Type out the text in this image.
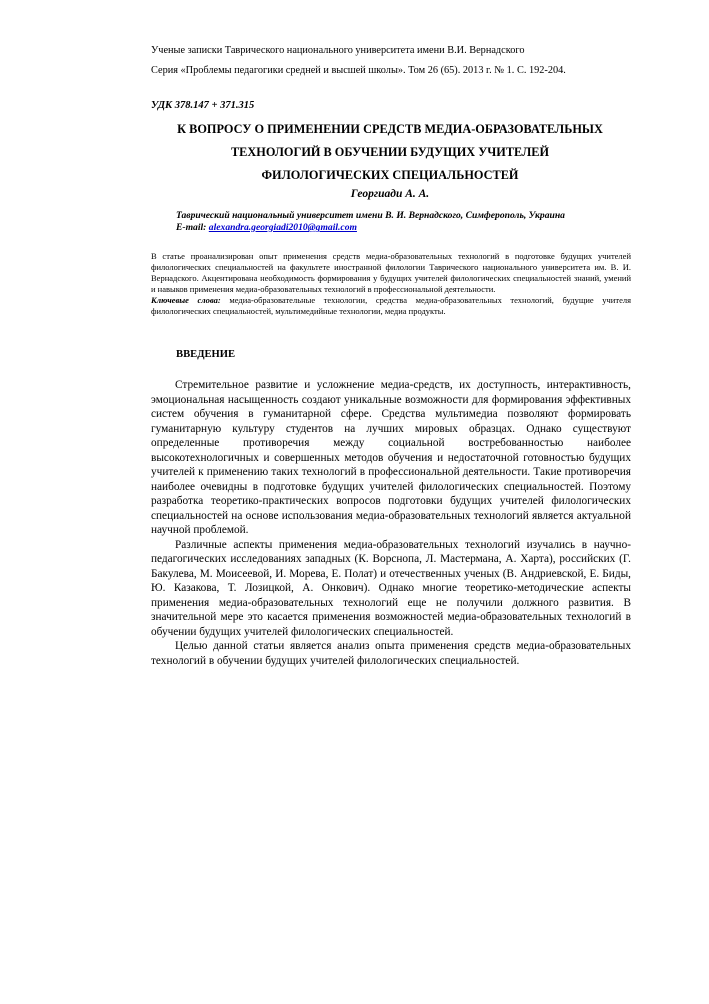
Ученые записки Таврического национального университета имени В.И. Вернадского
Серия «Проблемы педагогики средней и высшей школы». Том 26 (65). 2013 г. № 1. С. 192-204.
УДК 378.147 + 371.315
К ВОПРОСУ О ПРИМЕНЕНИИ СРЕДСТВ МЕДИА-ОБРАЗОВАТЕЛЬНЫХ
ТЕХНОЛОГИЙ В ОБУЧЕНИИ БУДУЩИХ УЧИТЕЛЕЙ
ФИЛОЛОГИЧЕСКИХ СПЕЦИАЛЬНОСТЕЙ
Георгиади А. А.
Таврический национальный университет имени В. И. Вернадского, Симферополь, Украина
E-mail: alexandra.georgiadi2010@gmail.com

В статье проанализирован опыт применения средств медиа-образовательных технологий в подготовке будущих учителей филологических специальностей на факультете иностранной филологии Таврического национального университета им. В. И. Вернадского. Акцентирована необходимость формирования у будущих учителей филологических специальностей знаний, умений и навыков применения медиа-образовательных технологий в профессиональной деятельности.

Ключевые слова: медиа-образовательные технологии, средства медиа-образовательных технологий, будущие учителя филологических специальностей, мультимедийные технологии, медиа продукты.

ВВЕДЕНИЕ

Стремительное развитие и усложнение медиа-средств, их доступность, интерактивность, эмоциональная насыщенность создают уникальные возможности для формирования эффективных систем обучения в гуманитарной сфере. Средства мультимедиа позволяют формировать гуманитарную культуру студентов на лучших мировых образцах. Однако существуют определенные противоречия между социальной востребованностью наиболее высокотехнологичных и совершенных методов обучения и недостаточной готовностью будущих учителей к применению таких технологий в профессиональной деятельности. Такие противоречия наиболее очевидны в подготовке будущих учителей филологических специальностей. Поэтому разработка теоретико-практических вопросов подготовки будущих учителей филологических специальностей на основе использования медиа-образовательных технологий является актуальной научной проблемой.

Различные аспекты применения медиа-образовательных технологий изучались в научно-педагогических исследованиях западных (К. Ворснопа, Л. Мастермана, А. Харта), российских (Г. Бакулева, М. Моисеевой, И. Морева, Е. Полат) и отечественных ученых (В. Андриевской, Е. Биды, Ю. Казакова, Т. Лозицкой, А. Онкович). Однако многие теоретико-методические аспекты применения медиа-образовательных технологий еще не получили должного развития. В значительной мере это касается применения возможностей медиа-образовательных технологий в обучении будущих учителей филологических специальностей.

Целью данной статьи является анализ опыта применения средств медиа-образовательных технологий в обучении будущих учителей филологических специальностей.
